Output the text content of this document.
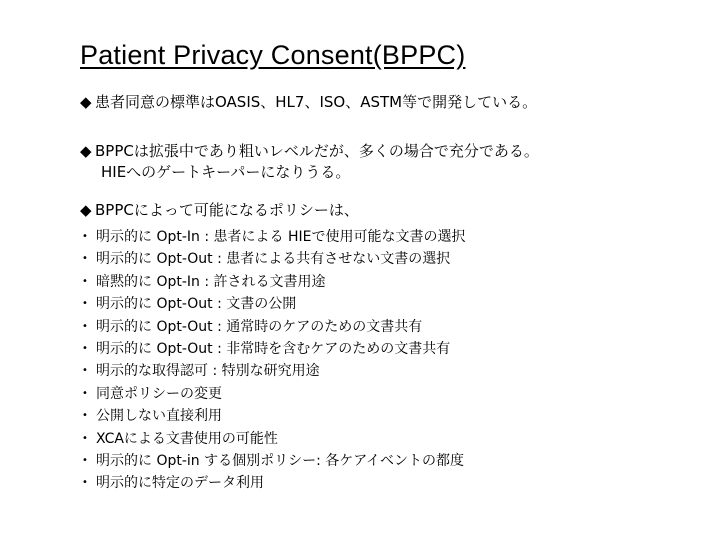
Patient Privacy Consent(BPPC)
◆ 患者同意の標準はOASIS、HL7、ISO、ASTM等で開発している。
◆ BPPCは拡張中であり粗いレベルだが、多くの場合で充分である。
HIEへのゲートキーパーになりうる。
◆ BPPCによって可能になるポリシーは、
• 明示的に Opt-In : 患者による HIEで使用可能な文書の選択
• 明示的に Opt-Out : 患者による共有させない文書の選択
• 暗黙的に Opt-In : 許される文書用途
• 明示的に Opt-Out : 文書の公開
• 明示的に Opt-Out : 通常時のケアのための文書共有
• 明示的に Opt-Out : 非常時を含むケアのための文書共有
• 明示的な取得認可 : 特別な研究用途
• 同意ポリシーの変更
• 公開しない直接利用
• XCAによる文書使用の可能性
• 明示的に Opt-in する個別ポリシー: 各ケアイベントの都度
• 明示的に特定のデータ利用
